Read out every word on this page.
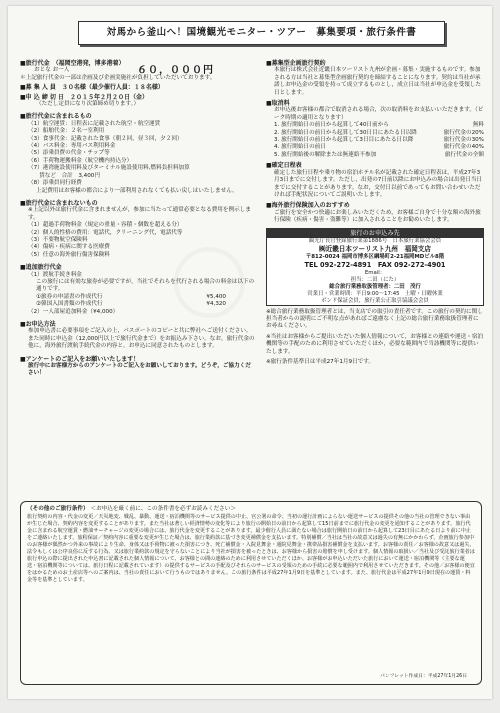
対馬から釜山へ！国境観光モニター・ツアー　募集要項・旅行条件書
■旅行代金　（福岡空港発，博多港着）
おとな お一人	６０，０００円
＊上記旅行代金の一部は企画及び企画実施社が負担していただいております。
■募 集 人 員　３０名様（最少催行人員：１８名様）
■申 込 締 切 日　２０１５年２月２０日（金）
（ただし定員になり次第締め切ります。）
■旅行代金に含まれるもの
（1）航空運賃：日程表に記載された航空・航空運賃
（2）船舶代金：２名一室利用
（3）食事代金：記載された食事（朝２回，昼３回，夕２回）
（4）バス料金：専用バス利用料金
（5）添乗員費の代金・チップ等
（6）手荷物運搬料金（航空機内持込分）
（7）港湾施設使用料及びターミナル施設使用料,燃料負担料加算
　　賃など　合計　3,400円
（8）添乗員同行経費
上記費用はお客様の都合により一部利用されなくても払い戻しはいたしません。
■旅行代金に含まれないもの
※上記以外は旅行代金に含まれませんが，参加に当たって通常必要となる費用を例示します。
（1）超過手荷物料金（規定の重量・容積・個数を超える分）
（2）個人的性格の費用：電話代，クリーニング代，電話代等
（3）不要物航空保険料
（4）傷病・疾病に関する医療費
（5）任意の海外旅行傷害保険料
■追加旅行代金
（1）渡航手続き料金
この旅行には有効な旅券が必要ですが，当社でそれらを代行される場合の料金は以下の通りです。
①旅券の申請書の作成代行	¥5,400
②韓国入国書類の作成代行	¥4,320
（2）一人部屋追加料金（¥4,000）
■お申込方法
参加申込書に必要事項をご記入の上，パスポートのコピーと共に弊社へご送付ください。また同時に申込金（12,000円以上で旅行代金まで）をお振込み下さい。なお，旅行代金の他に，海外旅行渡航手続代金の内容と，お申込に同意されたものとします。
■アンケートのご記入をお願いいたします！
旅行中にお客様方からのアンケートのご記入をお願いしております。どうぞ，ご協力ください！
■募集型企画旅行契約
本旅行は株式会社近畿日本ツーリスト九州が企画・募集・実施するものです。参加される方は当社と募集型企画旅行契約を締結することになります。契約は当社が承諾しお申込金の受領を持って成立するものとし，成立日は当社が申込金を受領した日とします。
■取消料
お申込後お客様の都合で取消される場合，次の取消料をお支払いいただきます。（ピーク時期の適用となります）
1. 旅行開始日の前日から起算して40日前から	無料
2. 旅行開始日の前日から起算して30日目にあたる日以降	旅行代金の20%
3. 旅行開始日の前日から起算して3日目にあたる日以降	旅行代金の30%
4. 旅行開始日の前日	旅行代金の40%
5. 旅行開始後の解除または無連絡不参加	旅行代金の全額
■確定日程表
確定した旅行日程や乗り物の宿泊ホテル名が記載された確定日程表は，平成27年3月3日までに交付します。ただし，出発の7日前以降にお申込みの場合は出発日当日までに交付することがあります。なお，交付日以前であってもお問い合わせいただければ手配状況についてご説明いたします。
■海外旅行保険加入のおすすめ
ご旅行を安全かつ快適にお楽しみいただくため，お客様ご自身で十分な額の海外旅行保険（疾病・傷害・盗難等）に加入されることをお勧めいたします。
旅行のお申込み先
観光庁長官登録旅行業第1886号　日本旅行業協会会員
㈱近畿日本ツーリスト九州　福岡支店
〒812-0024 福岡市博多区綱場町2-21福岡MDビル8階
TEL 092-272-4891　FAX 092-272-4901
Email：
担当：二田（にた）
総合旅行業務取扱管理者：二田　茂行
営業日・営業時間：平日9:00～17:45　土曜・日曜休業
ボンド保証会員，旅行業公正取引協議会会員
※総合旅行業務取扱管理者とは，当支店での取引の責任者です。この旅行の契約に関し担当者からの説明にご不明な点があればご遠慮なく上記の総合旅行業務取扱管理者にお尋ねください。
※当社はお客様からご提出いただいた個人情報について，お客様との連絡や運送・宿泊機関等の手配のために利用させていただくほか，必要な範囲内で当該機関等に提供いたします。
※旅行条件基準日は平成27年1月9日です。
（その他のご旅行条件） ＜お申込を厳く前に、この条件書を必ずお読みください＞
旅行契約の内容・代金の変更／天災地変、戦乱、暴動、運送・宿泊機関等のサービス提供の中止、官公署の命令、当初の運行計画によらない運送サービスの提供その他の当社の管理できない事由が生じた場合、契約内容を変更することがあります。また当社は著しい経済情勢の変化等により旅行の開始日の前日から起算して15日前までに旅行代金の変更を通知することがあります。旅行代金に含まれる航空運賃・燃油サーチャージの変更の場合には、旅行代金を変更することがあります。最少催行人員に満たない場合は旅行開始日の前日から起算して23日目にあたる日より前に中止をご連絡いたします。旅程保証／契約内容に重要な変更が生じた場合は、旅行業約款に基づき変更補償金を支払います。特別補償／当社は当社の故意又は過失の有無にかかわらず、企画旅行参加中のお客様が偶然かつ外来の事故により生命、身体又は手荷物に被った損害につき、死亡補償金・入院見舞金・通院見舞金・携帯品損害補償金を支払います。お客様の責任／お客様の故意又は過失、法令もしくは公序良俗に反する行為、又は旅行業約款の規定を守らないことにより当社が損害を被ったときは、お客様から損害の賠償を申し受けます。個人情報の取扱い／当社及び受託旅行業者は旅行申込の際に提出された申込書に記載された個人情報について、お客様との間の連絡のために利用させていただくほか、お客様がお申込いただいた旅行において運送・宿泊機関等（主要な運送・宿泊機関等については、旅行日程に記載されています）の提供するサービスの手配及びそれらのサービスの受領のための手続に必要な範囲内で利用させていただきます。その他／お客様の便宜をはかるためのお土産店等へのご案内は、当社の責任において行うものではありません。この旅行条件は平成27年1月9日を基準としています。また、旅行代金は平成27年1月9日現在の運賃・料金等を基準としています。
パンフレット作成日：平成27年1月26日
